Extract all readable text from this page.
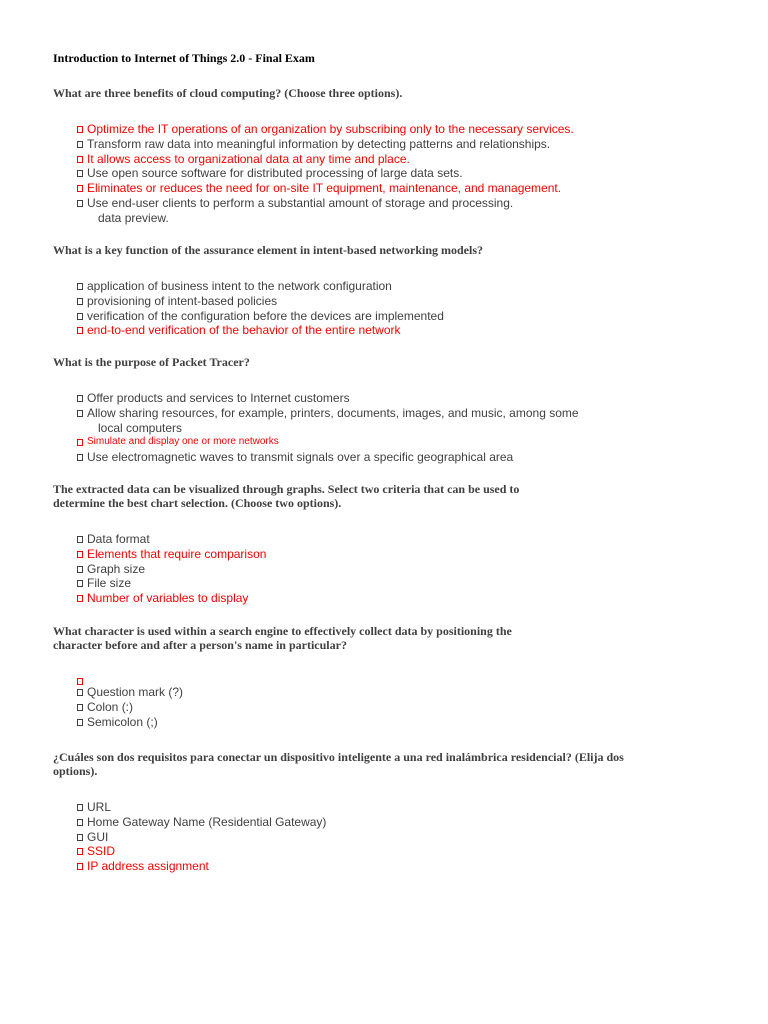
Introduction to Internet of Things 2.0 - Final Exam
What are three benefits of cloud computing? (Choose three options).
Optimize the IT operations of an organization by subscribing only to the necessary services.
Transform raw data into meaningful information by detecting patterns and relationships.
It allows access to organizational data at any time and place.
Use open source software for distributed processing of large data sets.
Eliminates or reduces the need for on-site IT equipment, maintenance, and management.
Use end-user clients to perform a substantial amount of storage and processing.
data preview.
What is a key function of the assurance element in intent-based networking models?
application of business intent to the network configuration
provisioning of intent-based policies
verification of the configuration before the devices are implemented
end-to-end verification of the behavior of the entire network
What is the purpose of Packet Tracer?
Offer products and services to Internet customers
Allow sharing resources, for example, printers, documents, images, and music, among some
local computers
Simulate and display one or more networks
Use electromagnetic waves to transmit signals over a specific geographical area
The extracted data can be visualized through graphs. Select two criteria that can be used to determine the best chart selection. (Choose two options).
Data format
Elements that require comparison
Graph size
File size
Number of variables to display
What character is used within a search engine to effectively collect data by positioning the character before and after a person's name in particular?
Question mark (?)
Colon (:)
Semicolon (;)
¿Cuáles son dos requisitos para conectar un dispositivo inteligente a una red inalámbrica residencial? (Elija dos options).
URL
Home Gateway Name (Residential Gateway)
GUI
SSID
IP address assignment
